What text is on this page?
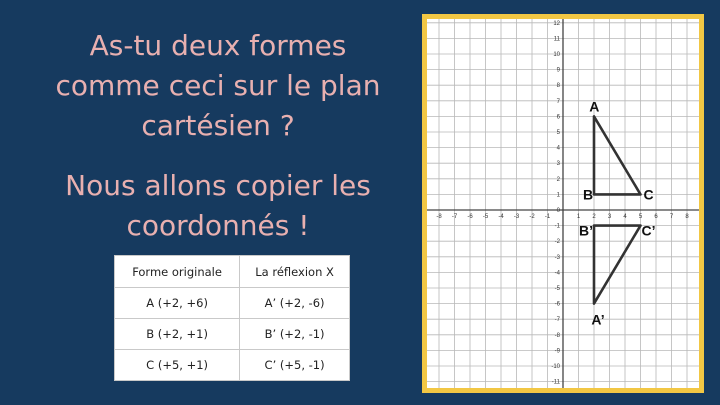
As-tu deux formes
comme ceci sur le plan
cartésien ?
Nous allons copier les
coordonnés !
Forme originale	La réflexion X
A (+2, +6)	A’ (+2, -6)
B (+2, +1)	B’ (+2, -1)
C (+5, +1)	C’ (+5, -1)
-8 -7 -6 -5 -4 -3 -2 -1	1 2 3 4 5 6 7 8
12
11
10
9
8
7
6
5
4
3
2
1
0
-1
-2
-3
-4
-5
-6
-7
-8
-9
-10
-11
A
B	C
B’	C’
A’
